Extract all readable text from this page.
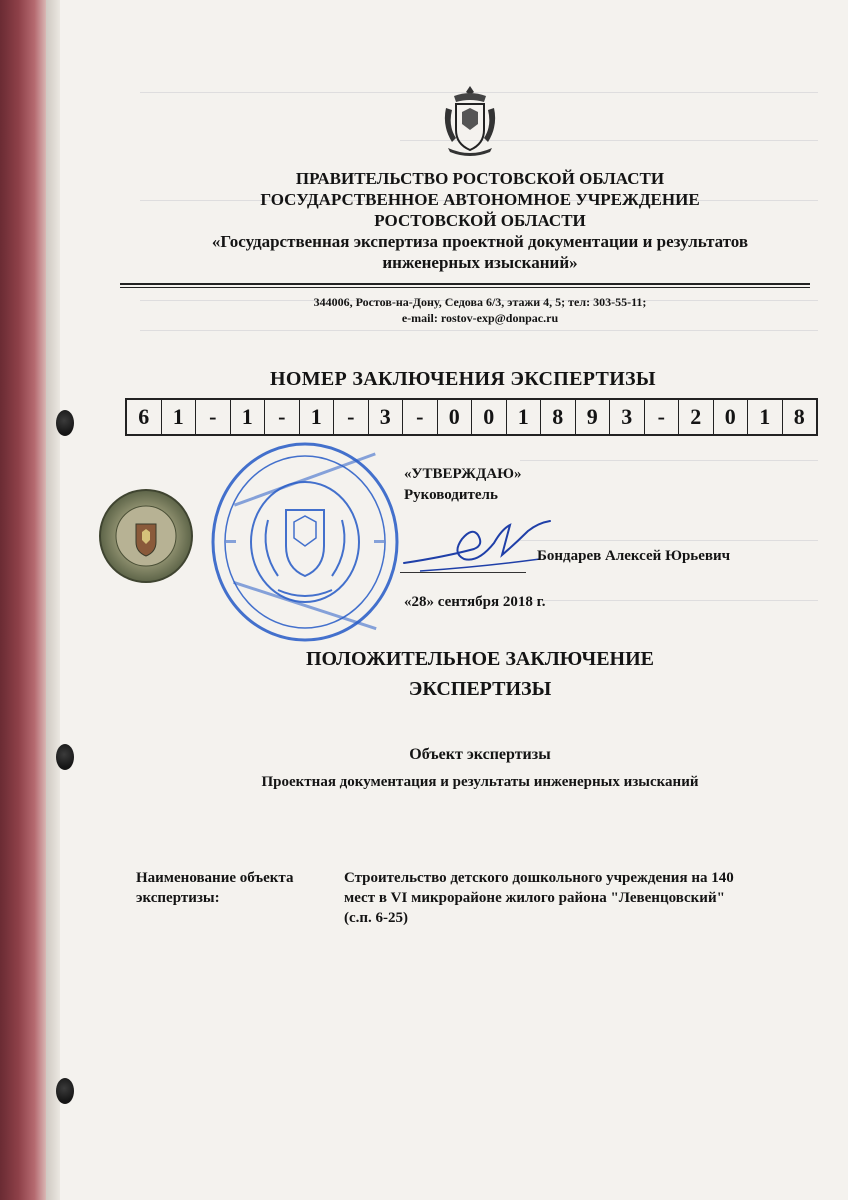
ПРАВИТЕЛЬСТВО РОСТОВСКОЙ ОБЛАСТИ
ГОСУДАРСТВЕННОЕ АВТОНОМНОЕ УЧРЕЖДЕНИЕ
РОСТОВСКОЙ ОБЛАСТИ
«Государственная экспертиза проектной документации и результатов
инженерных изысканий»
344006, Ростов-на-Дону, Седова 6/3, этажи 4, 5; тел: 303-55-11;
e-mail: rostov-exp@donpac.ru
НОМЕР ЗАКЛЮЧЕНИЯ ЭКСПЕРТИЗЫ
6	1	-	1	-	1	-	3	-	0	0	1	8	9	3	-	2	0	1	8
«УТВЕРЖДАЮ»
Руководитель
Бондарев Алексей Юрьевич
«28» сентября 2018 г.
ПОЛОЖИТЕЛЬНОЕ ЗАКЛЮЧЕНИЕ
ЭКСПЕРТИЗЫ
Объект экспертизы
Проектная документация и результаты инженерных изысканий
Наименование объекта
экспертизы:
Строительство детского дошкольного учреждения на 140
мест в VI микрорайоне жилого района "Левенцовский"
(с.п. 6-25)
